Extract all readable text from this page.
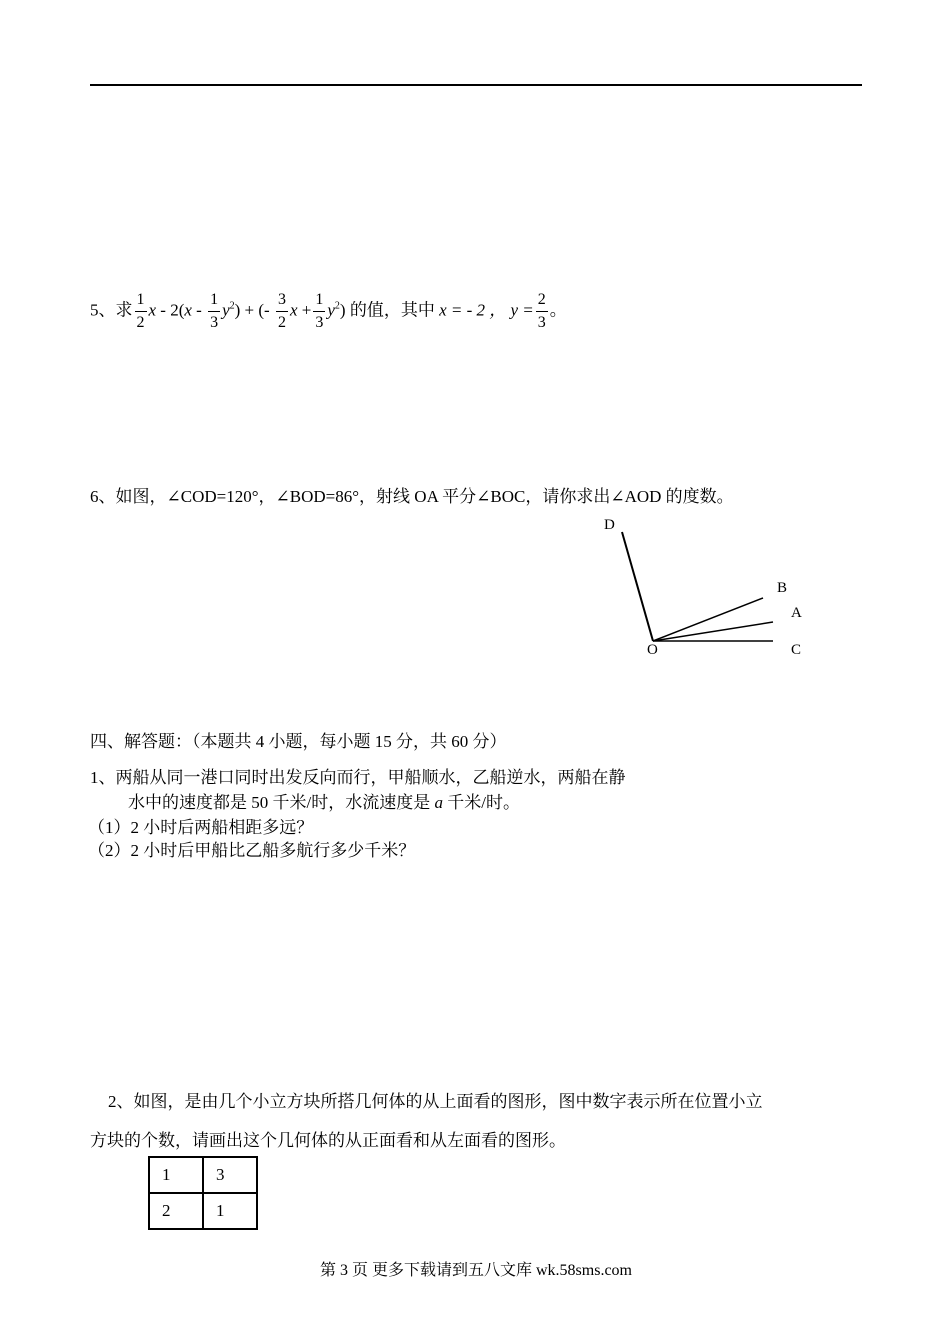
5、求 $\frac{1}{2}$ x - $2(x - \frac{1}{3} y^2)$ + (- $\frac{3}{2}$ $x + \frac{1}{3} y^2$) 的值，其中 x = - 2 ， $y = \frac{2}{3}$ 。
6、如图，∠COD=120°，∠BOD=86°，射线 OA 平分∠BOC，请你求出∠AOD 的度数。
D
B
A
O	C
四、解答题：（本题共 4 小题，每小题 15 分，共 60 分）
1、两船从同一港口同时出发反向而行，甲船顺水，乙船逆水，两船在静
水中的速度都是 50 千米/时，水流速度是 a 千米/时。
（1）2 小时后两船相距多远？
（2）2 小时后甲船比乙船多航行多少千米？
2、如图，是由几个小立方块所搭几何体的从上面看的图形，图中数字表示所在位置小立
方块的个数，请画出这个几何体的从正面看和从左面看的图形。
1	3
2	1
第 3 页 更多下载请到五八文库 wk.58sms.com
